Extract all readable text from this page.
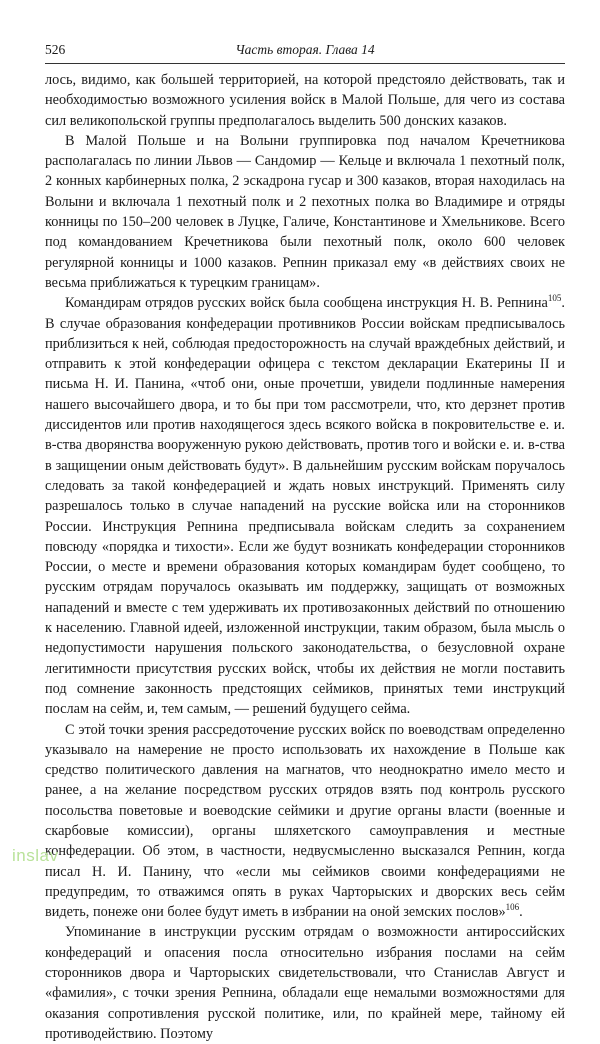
526	Часть вторая. Глава 14

лось, видимо, как большей территорией, на которой предстояло действовать, так и необходимостью возможного усиления войск в Малой Польше, для чего из состава сил великопольской группы предполагалось выделить 500 донских казаков.

В Малой Польше и на Волыни группировка под началом Кречетникова располагалась по линии Львов — Сандомир — Кельце и включала 1 пехотный полк, 2 конных карбинерных полка, 2 эскадрона гусар и 300 казаков, вторая находилась на Волыни и включала 1 пехотный полк и 2 пехотных полка во Владимире и отряды конницы по 150–200 человек в Луцке, Галиче, Константинове и Хмельникове. Всего под командованием Кречетникова были пехотный полк, около 600 человек регулярной конницы и 1000 казаков. Репнин приказал ему «в действиях своих не весьма приближаться к турецким границам».

Командирам отрядов русских войск была сообщена инструкция Н. В. Репнина$^{105}$. В случае образования конфедерации противников России войскам предписывалось приблизиться к ней, соблюдая предосторожность на случай враждебных действий, и отправить к этой конфедерации офицера с текстом декларации Екатерины II и письма Н. И. Панина, «чтоб они, оные прочетши, увидели подлинные намерения нашего высочайшего двора, и то бы при том рассмотрели, что, кто дерзнет против диссидентов или против находящегося здесь всякого войска в покровительстве е. и. в-ства дворянства вооруженную рукою действовать, против того и войски е. и. в-ства в защищении оным действовать будут». В дальнейшим русским войскам поручалось следовать за такой конфедерацией и ждать новых инструкций. Применять силу разрешалось только в случае нападений на русские войска или на сторонников России. Инструкция Репнина предписывала войскам следить за сохранением повсюду «порядка и тихости». Если же будут возникать конфедерации сторонников России, о месте и времени образования которых командирам будет сообщено, то русским отрядам поручалось оказывать им поддержку, защищать от возможных нападений и вместе с тем удерживать их противозаконных действий по отношению к населению. Главной идеей, изложенной инструкции, таким образом, была мысль о недопустимости нарушения польского законодательства, о безусловной охране легитимности присутствия русских войск, чтобы их действия не могли поставить под сомнение законность предстоящих сеймиков, принятых теми инструкций послам на сейм, и, тем самым, — решений будущего сейма.

С этой точки зрения рассредоточение русских войск по воеводствам определенно указывало на намерение не просто использовать их нахождение в Польше как средство политического давления на магнатов, что неоднократно имело место и ранее, а на желание посредством русских отрядов взять под контроль русского посольства поветовые и воеводские сеймики и другие органы власти (военные и скарбовые комиссии), органы шляхетского самоуправления и местные конфедерации. Об этом, в частности, недвусмысленно высказался Репнин, когда писал Н. И. Панину, что «если мы сеймиков своими конфедерациями не предупредим, то отважимся опять в руках Чарторыских и дворских весь сейм видеть, понеже они более будут иметь в избрании на оной земских послов»$^{106}$.

Упоминание в инструкции русским отрядам о возможности антироссийских конфедераций и опасения посла относительно избрания послами на сейм сторонников двора и Чарторыских свидетельствовали, что Станислав Август и «фамилия», с точки зрения Репнина, обладали еще немалыми возможностями для оказания сопротивления русской политике, или, по крайней мере, тайному ей противодействию. Поэтому

inslav
